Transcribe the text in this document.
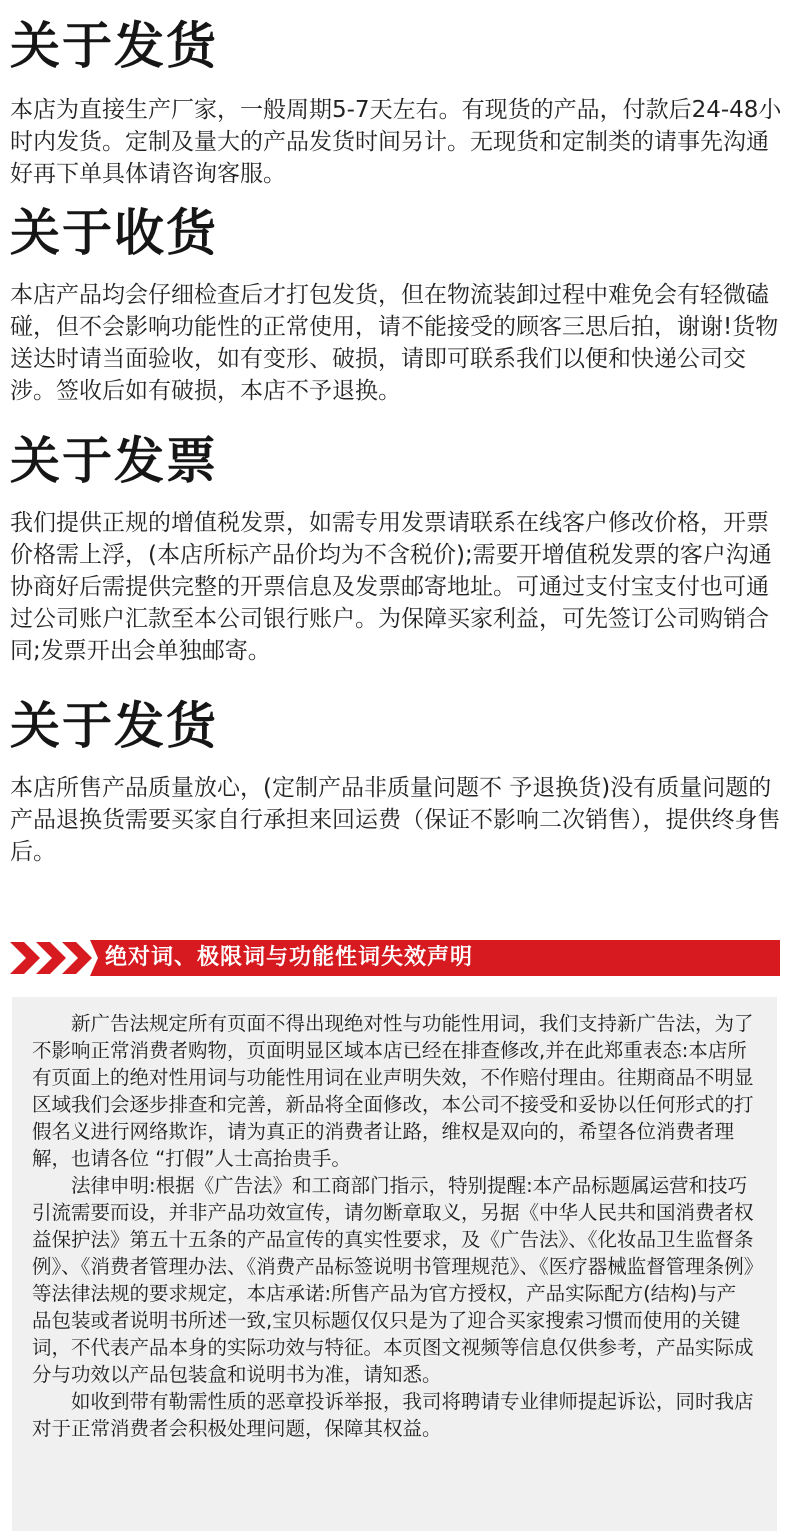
关于发货

本店为直接生产厂家，一般周期5-7天左右。有现货的产品，付款后24-48小时内发货。定制及量大的产品发货时间另计。无现货和定制类的请事先沟通好再下单具体请咨询客服。

关于收货

本店产品均会仔细检查后才打包发货，但在物流装卸过程中难免会有轻微磕碰，但不会影响功能性的正常使用，请不能接受的顾客三思后拍，谢谢!货物送达时请当面验收，如有变形、破损，请即可联系我们以便和快递公司交涉。签收后如有破损，本店不予退换。

关于发票

我们提供正规的增值税发票，如需专用发票请联系在线客户修改价格，开票价格需上浮，(本店所标产品价均为不含税价);需要开增值税发票的客户沟通协商好后需提供完整的开票信息及发票邮寄地址。可通过支付宝支付也可通过公司账户汇款至本公司银行账户。为保障买家利益，可先签订公司购销合同;发票开出会单独邮寄。

关于发货

本店所售产品质量放心，(定制产品非质量问题不 予退换货)没有质量问题的产品退换货需要买家自行承担来回运费（保证不影响二次销售），提供终身售后。

绝对词、极限词与功能性词失效声明

新广告法规定所有页面不得出现绝对性与功能性用词，我们支持新广告法，为了不影响正常消费者购物，页面明显区域本店已经在排查修改,并在此郑重表态:本店所有页面上的绝对性用词与功能性用词在业声明失效，不作赔付理由。往期商品不明显区域我们会逐步排查和完善，新品将全面修改，本公司不接受和妥协以任何形式的打假名义进行网络欺诈，请为真正的消费者让路，维权是双向的，希望各位消费者理解，也请各位 “打假”人士高抬贵手。

法律申明:根据《广告法》和工商部门指示，特别提醒:本产品标题属运营和技巧引流需要而设，并非产品功效宣传，请勿断章取义，另据《中华人民共和国消费者权益保护法》第五十五条的产品宣传的真实性要求，及《广告法》、《化妆品卫生监督条例》、《消费者管理办法、《消费产品标签说明书管理规范》、《医疗器械监督管理条例》等法律法规的要求规定，本店承诺:所售产品为官方授权，产品实际配方(结构)与产品包装或者说明书所述一致,宝贝标题仅仅只是为了迎合买家搜索习惯而使用的关键词，不代表产品本身的实际功效与特征。本页图文视频等信息仅供参考，产品实际成分与功效以产品包装盒和说明书为准，请知悉。

如收到带有勒需性质的恶章投诉举报，我司将聘请专业律师提起诉讼，同时我店对于正常消费者会积极处理问题，保障其权益。
